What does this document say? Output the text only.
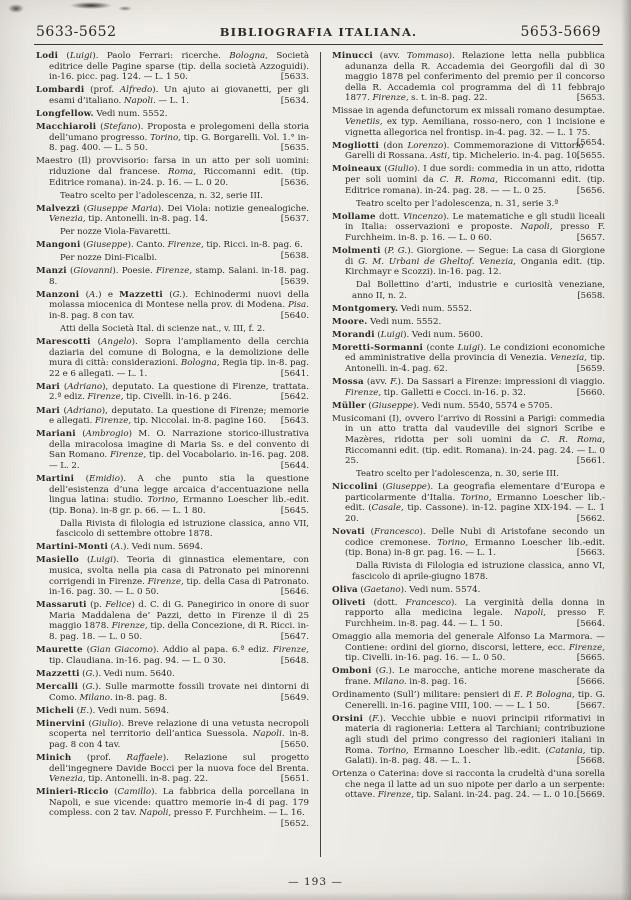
5633-5652	BIBLIOGRAFIA ITALIANA.	5653-5669

Lodi (Luigi). Paolo Ferrari: ricerche. Bologna, Società editrice delle Pagine sparse (tip. della società Azzoguidi). in-16. picc. pag. 124. — L. 1 50.	[5633.

Lombardi (prof. Alfredo). Un ajuto ai giovanetti, per gli esami d’italiano. Napoli. — L. 1.	[5634.

Longfellow. Vedi num. 5552.

Macchiaroli (Stefano). Proposta e prolegomeni della storia dell’umano progresso. Torino, tip. G. Borgarelli. Vol. 1.° in-8. pag. 400. — L. 5 50.	[5635.

Maestro (Il) provvisorio: farsa in un atto per soli uomini: riduzione dal francese. Roma, Riccomanni edit. (tip. Editrice romana). in-24. p. 16. — L. 0 20.	[5636.

Teatro scelto per l’adolescenza, n. 32, serie III.

Malvezzi (Giuseppe Maria). Dei Viola: notizie genealogiche. Venezia, tip. Antonelli. in-8. pag. 14.	[5637.

Per nozze Viola-Favaretti.

Mangoni (Giuseppe). Canto. Firenze, tip. Ricci. in-8. pag. 6.
[5638.

Per nozze Dini-Ficalbi.

Manzi (Giovanni). Poesie. Firenze, stamp. Salani. in-18. pag. 8.	[5639.

Manzoni (A.) e Mazzetti (G.). Echinodermi nuovi della molassa miocenica di Montese nella prov. di Modena. Pisa. in-8. pag. 8 con tav.	[5640.

Atti della Società Ital. di scienze nat., v. III, f. 2.

Marescotti (Angelo). Sopra l’ampliamento della cerchia daziaria del comune di Bologna, e la demolizione delle mura di città: considerazioni. Bologna, Regia tip. in-8. pag. 22 e 6 allegati. — L. 1.	[5641.

Mari (Adriano), deputato. La questione di Firenze, trattata. 2.ª ediz. Firenze, tip. Civelli. in-16. p 246.	[5642.

Mari (Adriano), deputato. La questione di Firenze; memorie e allegati. Firenze, tip. Niccolai. in-8. pagine 160. [5643.

Mariani (Ambrogio) M. O. Narrazione storico-illustrativa della miracolosa imagine di Maria Ss. e del convento di San Romano. Firenze, tip. del Vocabolario. in-16. pag. 208. — L. 2.	[5644.

Martini (Emidio). A che punto stia la questione dell’esistenza d’una legge arcaica d’accentuazione nella lingua latina: studio. Torino, Ermanno Loescher lib.-edit. (tip. Bona). in-8 gr. p. 66. — L. 1 80.	[5645.

Dalla Rivista di filologia ed istruzione classica, anno VII, fascicolo di settembre ottobre 1878.

Martini-Monti (A.). Vedi num. 5694.

Masiello (Luigi). Teoria di ginnastica elementare, con musica, svolta nella pia casa di Patronato pei minorenni corrigendi in Firenze. Firenze, tip. della Casa di Patronato. in-16. pag. 30. — L. 0 50.	[5646.

Massaruti (p. Felice) d. C. di G. Panegirico in onore di suor Maria Maddalena de’ Pazzi, detto in Firenze il dì 25 maggio 1878. Firenze, tip. della Concezione, di R. Ricci. in-8. pag. 18. — L. 0 50.	[5647.

Maurette (Gian Giacomo). Addio al papa. 6.ª ediz. Firenze, tip. Claudiana. in-16. pag. 94. — L. 0 30.	[5648.

Mazzetti (G.). Vedi num. 5640.

Mercalli (G.). Sulle marmotte fossili trovate nei dintorni di Como. Milano. in-8. pag. 8.	[5649.

Micheli (E.). Vedi num. 5694.

Minervini (Giulio). Breve relazione di una vetusta necropoli scoperta nel territorio dell’antica Suessola. Napoli. in-8. pag. 8 con 4 tav.	[5650.

Minich (prof. Raffaele). Relazione sul progetto dell’ingegnere Davide Bocci per la nuova foce del Brenta. Venezia, tip. Antonelli. in-8. pag. 22.	[5651.

Minieri-Riccio (Camillo). La fabbrica della porcellana in Napoli, e sue vicende: quattro memorie in-4 di pag. 179 compless. con 2 tav. Napoli, presso F. Furchheim. — L. 16.
[5652.

Minucci (avv. Tommaso). Relazione letta nella pubblica adunanza della R. Accademia dei Georgofili dal dì 30 maggio 1878 pel conferimento del premio per il concorso della R. Accademia col programma del dì 11 febbrajo 1877. Firenze, s. t. in-8. pag. 22.	[5653.

Missae in agenda defunctorum ex missali romano desumptae. Venetiis, ex typ. Aemiliana, rosso-nero, con 1 incisione e vignetta allegorica nel frontisp. in-4. pag. 32. — L. 1 75.
[5654.

Mogliotti (don Lorenzo). Commemorazione di Vittorio Garelli di Rossana. Asti, tip. Michelerio. in-4. pag. 10.
[5655.

Moineaux (Giulio). I due sordi: commedia in un atto, ridotta per soli uomini da C. R. Roma, Riccomanni edit. (tip. Editrice romana). in-24. pag. 28. — — L. 0 25.	[5656.

Teatro scelto per l’adolescenza, n. 31, serie 3.ª

Mollame dott. Vincenzo). Le matematiche e gli studii liceali in Italia: osservazioni e proposte. Napoli, presso F. Furchheim. in-8. p. 16. — L. 0 60.	[5657.

Molmenti (P. G.). Giorgione. — Segue: La casa di Giorgione di G. M. Urbani de Gheltof. Venezia, Ongania edit. (tip. Kirchmayr e Scozzi). in-16. pag. 12.

Dal Bollettino d’arti, industrie e curiosità veneziane, anno II, n. 2.	[5658.

Montgomery. Vedi num. 5552.

Moore. Vedi num. 5552.

Morandi (Luigi). Vedi num. 5600.

Moretti-Sormanni (conte Luigi). Le condizioni economiche ed amministrative della provincia di Venezia. Venezia, tip. Antonelli. in-4. pag. 62.	[5659.

Mossa (avv. F.). Da Sassari a Firenze: impressioni di viaggio. Firenze, tip. Galletti e Cocci. in-16. p. 32.	[5660.

Müller (Giuseppe). Vedi num. 5540, 5574 e 5705.

Musicomani (I), ovvero l’arrivo di Rossini a Parigi: commedia in un atto tratta dal vaudeville dei signori Scribe e Mazères, ridotta per soli uomini da C. R. Roma, Riccomanni edit. (tip. edit. Romana). in-24. pag. 24. — L. 0 25.	[5661.

Teatro scelto per l’adolescenza, n. 30, serie III.

Niccolini (Giuseppe). La geografia elementare d’Europa e particolarmente d’Italia. Torino, Ermanno Loescher lib.-edit. (Casale, tip. Cassone). in-12. pagine XIX-194. — L. 1 20.	[5662.

Novati (Francesco). Delle Nubi di Aristofane secondo un codice cremonese. Torino, Ermanno Loescher lib.-edit. (tip. Bona) in-8 gr. pag. 16. — L. 1.	[5663.

Dalla Rivista di Filologia ed istruzione classica, anno VI, fascicolo di aprile-giugno 1878.

Oliva (Gaetano). Vedi num. 5574.

Oliveti (dott. Francesco). La verginità della donna in rapporto alla medicina legale. Napoli, presso F. Furchheim. in-8. pag. 44. — L. 1 50.	[5664.

Omaggio alla memoria del generale Alfonso La Marmora. — Contiene: ordini del giorno, discorsi, lettere, ecc. Firenze, tip. Civelli. in-16. pag. 16. — L. 0 50.	[5665.

Omboni (G.). Le marocche, antiche morene mascherate da frane. Milano. in-8. pag. 16.	[5666.

Ordinamento (Sull’) militare: pensieri di E. P. Bologna, tip. G. Cenerelli. in-16. pagine VIII, 100. — — L. 1 50.	[5667.

Orsini (F.). Vecchie ubbie e nuovi principii riformativi in materia di ragioneria: Lettera al Tarchiani; contribuzione agli studi del primo congresso dei ragionieri italiani in Roma. Torino, Ermanno Loescher lib.-edit. (Catania, tip. Galati). in-8. pag. 48. — L. 1.	[5668.

Ortenza o Caterina: dove si racconta la crudeltà d’una sorella che nega il latte ad un suo nipote per darlo a un serpente: ottave. Firenze, tip. Salani. in-24. pag. 24. — L. 0 10. [5669.

— 193 —
